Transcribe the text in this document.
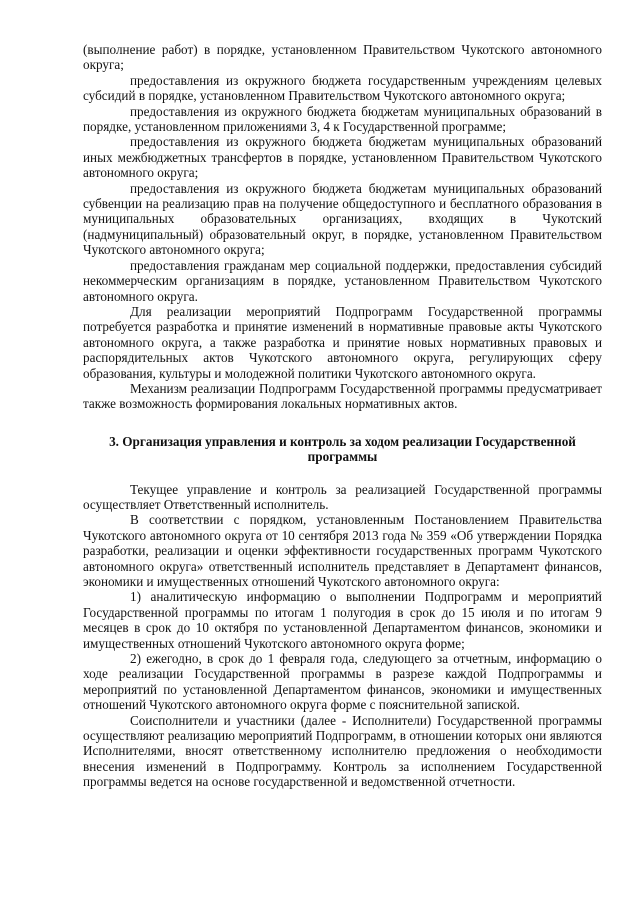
(выполнение работ) в порядке, установленном Правительством Чукотского автономного округа;

предоставления из окружного бюджета государственным учреждениям целевых субсидий в порядке, установленном Правительством Чукотского автономного округа;

предоставления из окружного бюджета бюджетам муниципальных образований в порядке, установленном приложениями 3, 4 к Государственной программе;

предоставления из окружного бюджета бюджетам муниципальных образований иных межбюджетных трансфертов в порядке, установленном Правительством Чукотского автономного округа;

предоставления из окружного бюджета бюджетам муниципальных образований субвенции на реализацию прав на получение общедоступного и бесплатного образования в муниципальных образовательных организациях, входящих в Чукотский (надмуниципальный) образовательный округ, в порядке, установленном Правительством Чукотского автономного округа;

предоставления гражданам мер социальной поддержки, предоставления субсидий некоммерческим организациям в порядке, установленном Правительством Чукотского автономного округа.

Для реализации мероприятий Подпрограмм Государственной программы потребуется разработка и принятие изменений в нормативные правовые акты Чукотского автономного округа, а также разработка и принятие новых нормативных правовых и распорядительных актов Чукотского автономного округа, регулирующих сферу образования, культуры и молодежной политики Чукотского автономного округа.

Механизм реализации Подпрограмм Государственной программы предусматривает также возможность формирования локальных нормативных актов.

3. Организация управления и контроль за ходом реализации Государственной
программы

Текущее управление и контроль за реализацией Государственной программы осуществляет Ответственный исполнитель.

В соответствии с порядком, установленным Постановлением Правительства Чукотского автономного округа от 10 сентября 2013 года № 359 «Об утверждении Порядка разработки, реализации и оценки эффективности государственных программ Чукотского автономного округа» ответственный исполнитель представляет в Департамент финансов, экономики и имущественных отношений Чукотского автономного округа:

1) аналитическую информацию о выполнении Подпрограмм и мероприятий Государственной программы по итогам 1 полугодия в срок до 15 июля и по итогам 9 месяцев в срок до 10 октября по установленной Департаментом финансов, экономики и имущественных отношений Чукотского автономного округа форме;

2) ежегодно, в срок до 1 февраля года, следующего за отчетным, информацию о ходе реализации Государственной программы в разрезе каждой Подпрограммы и мероприятий по установленной Департаментом финансов, экономики и имущественных отношений Чукотского автономного округа форме с пояснительной запиской.

Соисполнители и участники (далее - Исполнители) Государственной программы осуществляют реализацию мероприятий Подпрограмм, в отношении которых они являются Исполнителями, вносят ответственному исполнителю предложения о необходимости внесения изменений в Подпрограмму. Контроль за исполнением Государственной программы ведется на основе государственной и ведомственной отчетности.
